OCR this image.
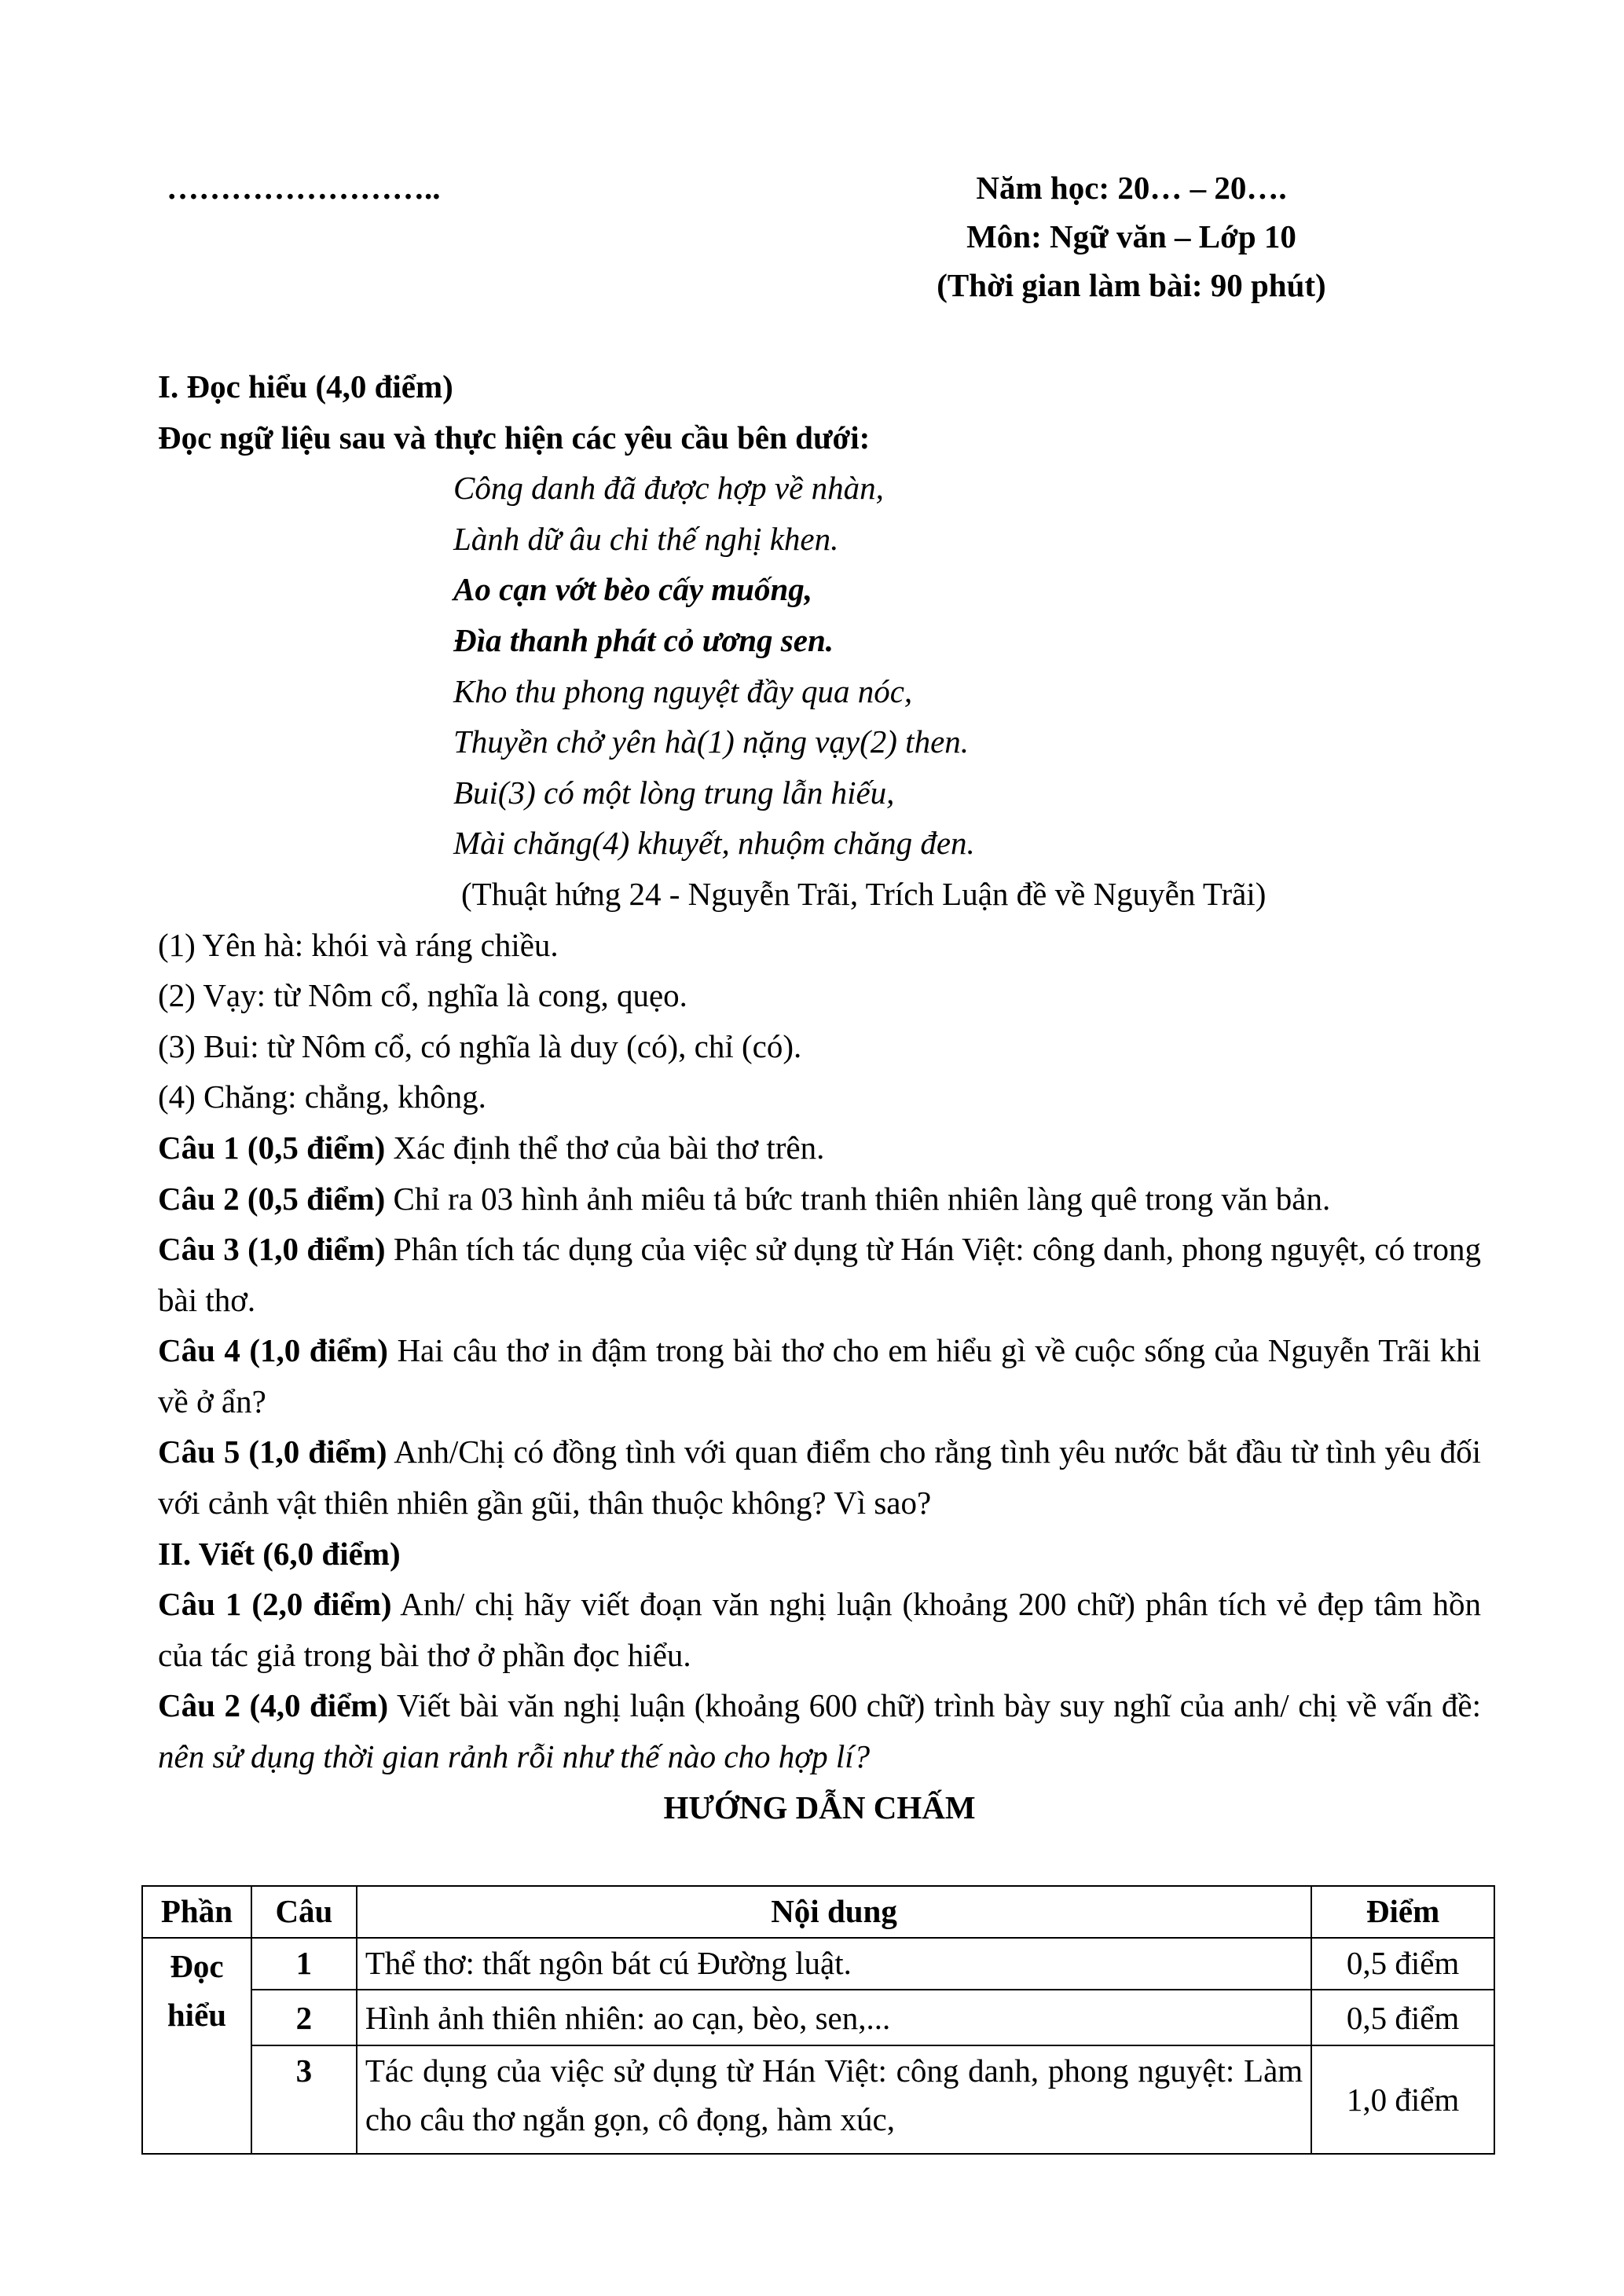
……………………..	Năm học: 20… – 20….
Môn: Ngữ văn – Lớp 10
(Thời gian làm bài: 90 phút)

I. Đọc hiểu (4,0 điểm)

Đọc ngữ liệu sau và thực hiện các yêu cầu bên dưới:

Công danh đã được hợp về nhàn,

Lành dữ âu chi thế nghị khen.

Ao cạn vớt bèo cấy muống,

Đìa thanh phát cỏ ương sen.

Kho thu phong nguyệt đầy qua nóc,

Thuyền chở yên hà(1) nặng vạy(2) then.

Bui(3) có một lòng trung lẫn hiếu,

Mài chăng(4) khuyết, nhuộm chăng đen.

(Thuật hứng 24 - Nguyễn Trãi, Trích Luận đề về Nguyễn Trãi)

(1) Yên hà: khói và ráng chiều.

(2) Vạy: từ Nôm cổ, nghĩa là cong, quẹo.

(3) Bui: từ Nôm cổ, có nghĩa là duy (có), chỉ (có).

(4) Chăng: chẳng, không.

Câu 1 (0,5 điểm) Xác định thể thơ của bài thơ trên.

Câu 2 (0,5 điểm) Chỉ ra 03 hình ảnh miêu tả bức tranh thiên nhiên làng quê trong văn bản.

Câu 3 (1,0 điểm) Phân tích tác dụng của việc sử dụng từ Hán Việt: công danh, phong nguyệt, có trong bài thơ.

Câu 4 (1,0 điểm) Hai câu thơ in đậm trong bài thơ cho em hiểu gì về cuộc sống của Nguyễn Trãi khi về ở ẩn?

Câu 5 (1,0 điểm) Anh/Chị có đồng tình với quan điểm cho rằng tình yêu nước bắt đầu từ tình yêu đối với cảnh vật thiên nhiên gần gũi, thân thuộc không? Vì sao?

II. Viết (6,0 điểm)

Câu 1 (2,0 điểm) Anh/ chị hãy viết đoạn văn nghị luận (khoảng 200 chữ) phân tích vẻ đẹp tâm hồn của tác giả trong bài thơ ở phần đọc hiểu.

Câu 2 (4,0 điểm) Viết bài văn nghị luận (khoảng 600 chữ) trình bày suy nghĩ của anh/ chị về vấn đề: nên sử dụng thời gian rảnh rỗi như thế nào cho hợp lí?

HƯỚNG DẪN CHẤM

Phần	Câu	Nội dung	Điểm
Đọc hiểu	1	Thể thơ: thất ngôn bát cú Đường luật.	0,5 điểm
	2	Hình ảnh thiên nhiên: ao cạn, bèo, sen,...	0,5 điểm
	3	Tác dụng của việc sử dụng từ Hán Việt: công danh, phong nguyệt: Làm cho câu thơ ngắn gọn, cô đọng, hàm xúc,	1,0 điểm
